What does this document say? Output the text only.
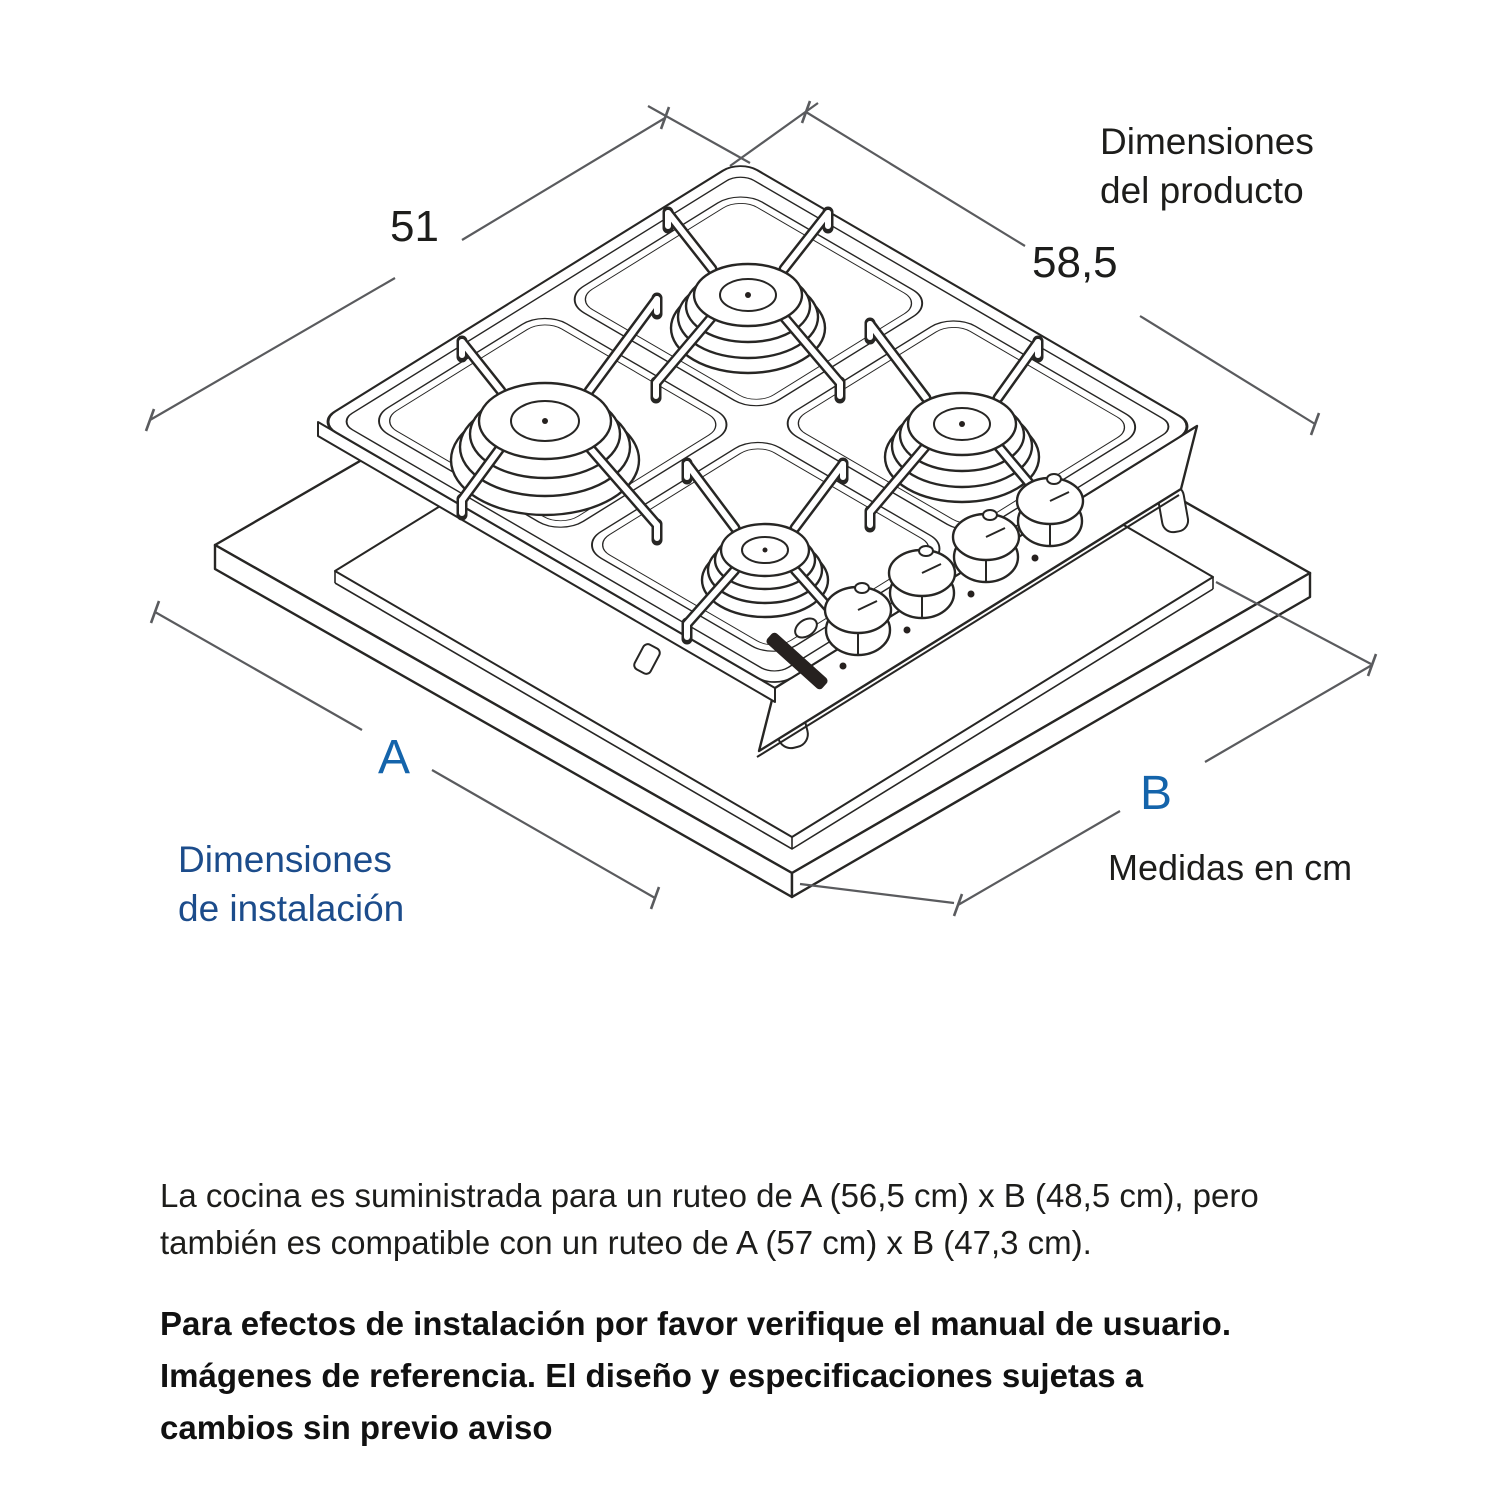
Dimensiones
del producto
51
58,5
A
B
Dimensiones
de instalación
Medidas en cm
La cocina es suministrada para un ruteo de A (56,5 cm) x B (48,5 cm), pero
también es compatible con un ruteo de A (57 cm) x B (47,3 cm).
Para efectos de instalación por favor verifique el manual de usuario.
Imágenes de referencia. El diseño y especificaciones sujetas a
cambios sin previo aviso
